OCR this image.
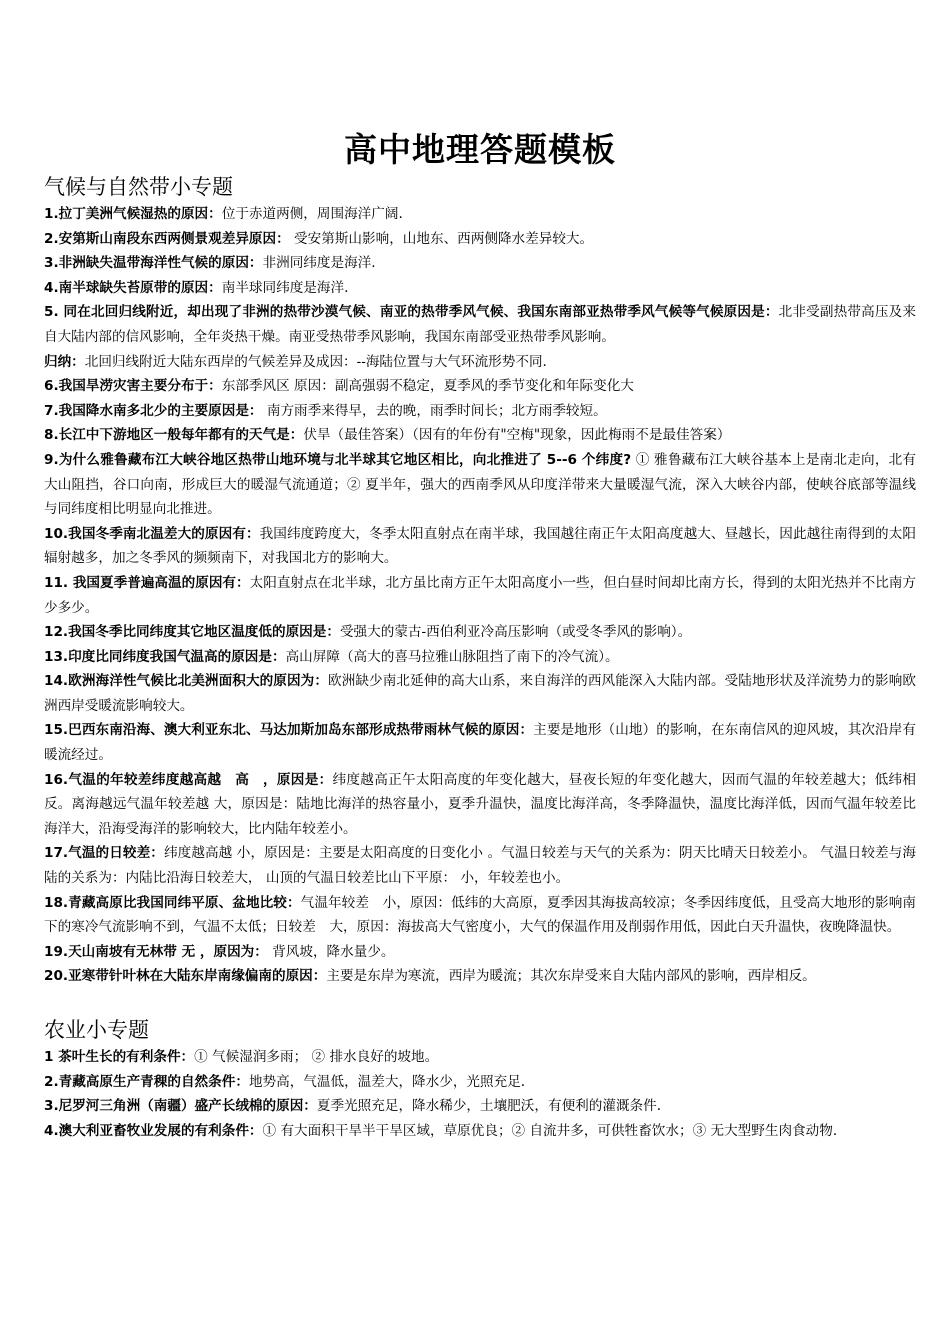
高中地理答题模板
气候与自然带小专题

1.拉丁美洲气候湿热的原因：位于赤道两侧，周围海洋广阔.

2.安第斯山南段东西两侧景观差异原因： 受安第斯山影响，山地东、西两侧降水差异较大。

3.非洲缺失温带海洋性气候的原因：非洲同纬度是海洋.

4.南半球缺失苔原带的原因：南半球同纬度是海洋.

5. 同在北回归线附近，却出现了非洲的热带沙漠气候、南亚的热带季风气候、我国东南部亚热带季风气候等气候原因是：北非受副热带高压及来自大陆内部的信风影响，全年炎热干燥。南亚受热带季风影响，我国东南部受亚热带季风影响。

归纳：北回归线附近大陆东西岸的气候差异及成因：--海陆位置与大气环流形势不同.

6.我国旱涝灾害主要分布于：东部季风区 原因：副高强弱不稳定，夏季风的季节变化和年际变化大

7.我国降水南多北少的主要原因是： 南方雨季来得早，去的晚，雨季时间长；北方雨季较短。

8.长江中下游地区一般每年都有的天气是：伏旱（最佳答案）（因有的年份有"空梅"现象，因此梅雨不是最佳答案）

9.为什么雅鲁藏布江大峡谷地区热带山地环境与北半球其它地区相比，向北推进了 5--6 个纬度? ① 雅鲁藏布江大峡谷基本上是南北走向，北有大山阻挡，谷口向南，形成巨大的暖湿气流通道；② 夏半年，强大的西南季风从印度洋带来大量暖湿气流，深入大峡谷内部，使峡谷底部等温线与同纬度相比明显向北推进。

10.我国冬季南北温差大的原因有：我国纬度跨度大，冬季太阳直射点在南半球，我国越往南正午太阳高度越大、昼越长，因此越往南得到的太阳辐射越多，加之冬季风的频频南下，对我国北方的影响大。

11. 我国夏季普遍高温的原因有：太阳直射点在北半球，北方虽比南方正午太阳高度小一些，但白昼时间却比南方长，得到的太阳光热并不比南方少多少。

12.我国冬季比同纬度其它地区温度低的原因是：受强大的蒙古-西伯利亚冷高压影响（或受冬季风的影响）。

13.印度比同纬度我国气温高的原因是：高山屏障（高大的喜马拉雅山脉阻挡了南下的冷气流）。

14.欧洲海洋性气候比北美洲面积大的原因为：欧洲缺少南北延伸的高大山系，来自海洋的西风能深入大陆内部。受陆地形状及洋流势力的影响欧洲西岸受暖流影响较大。

15.巴西东南沿海、澳大利亚东北、马达加斯加岛东部形成热带雨林气候的原因：主要是地形（山地）的影响，在东南信风的迎风坡，其次沿岸有暖流经过。

16.气温的年较差纬度越高越　高　，原因是：纬度越高正午太阳高度的年变化越大，昼夜长短的年变化越大，因而气温的年较差越大；低纬相反。离海越远气温年较差越 大，原因是：陆地比海洋的热容量小，夏季升温快，温度比海洋高，冬季降温快，温度比海洋低，因而气温年较差比海洋大，沿海受海洋的影响较大，比内陆年较差小。

17.气温的日较差：纬度越高越 小，原因是：主要是太阳高度的日变化小 。气温日较差与天气的关系为：阴天比晴天日较差小。 气温日较差与海陆的关系为：内陆比沿海日较差大， 山顶的气温日较差比山下平原： 小，年较差也小。

18.青藏高原比我国同纬平原、盆地比较：气温年较差　小，原因：低纬的大高原，夏季因其海拔高较凉；冬季因纬度低，且受高大地形的影响南下的寒冷气流影响不到，气温不太低；日较差　大，原因：海拔高大气密度小，大气的保温作用及削弱作用低，因此白天升温快，夜晚降温快。

19.天山南坡有无林带 无 ，原因为： 背风坡，降水量少。

20.亚寒带针叶林在大陆东岸南缘偏南的原因：主要是东岸为寒流，西岸为暖流；其次东岸受来自大陆内部风的影响，西岸相反。

农业小专题

1 茶叶生长的有利条件：① 气候湿润多雨； ② 排水良好的坡地。

2.青藏高原生产青稞的自然条件：地势高，气温低，温差大，降水少，光照充足.

3.尼罗河三角洲（南疆）盛产长绒棉的原因：夏季光照充足，降水稀少，土壤肥沃，有便利的灌溉条件.

4.澳大利亚畜牧业发展的有利条件：① 有大面积干旱半干旱区域，草原优良；② 自流井多，可供牲畜饮水；③ 无大型野生肉食动物.
